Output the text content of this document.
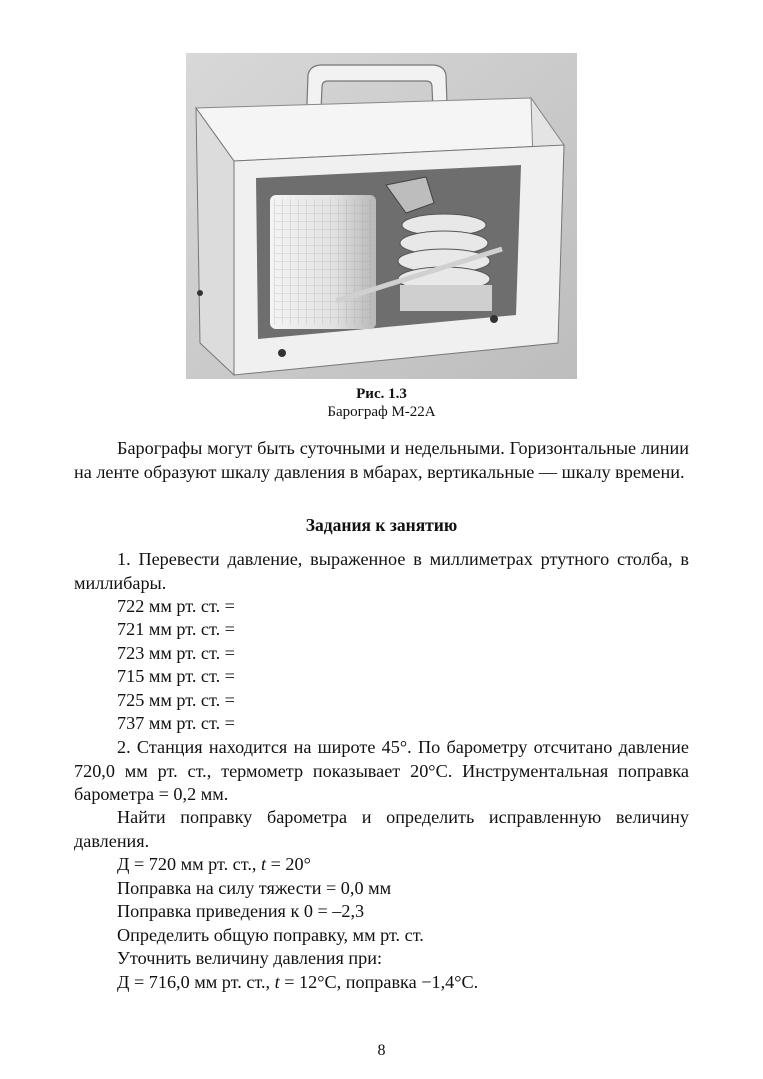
Рис. 1.3
Барограф М-22А
Барографы могут быть суточными и недельными. Горизонтальные линии на ленте образуют шкалу давления в мбарах, вертикальные — шкалу времени.
Задания к занятию
1. Перевести давление, выраженное в миллиметрах ртутного столба, в миллибары.
722 мм рт. ст. =
721 мм рт. ст. =
723 мм рт. ст. =
715 мм рт. ст. =
725 мм рт. ст. =
737 мм рт. ст. =
2. Станция находится на широте 45°. По барометру отсчитано давление 720,0 мм рт. ст., термометр показывает 20°С. Инструментальная поправка барометра = 0,2 мм.
Найти поправку барометра и определить исправленную величину давления.
Д = 720 мм рт. ст., t = 20°
Поправка на силу тяжести = 0,0 мм
Поправка приведения к 0 = –2,3
Определить общую поправку, мм рт. ст.
Уточнить величину давления при:
Д = 716,0 мм рт. ст., t = 12°С, поправка −1,4°С.
8
